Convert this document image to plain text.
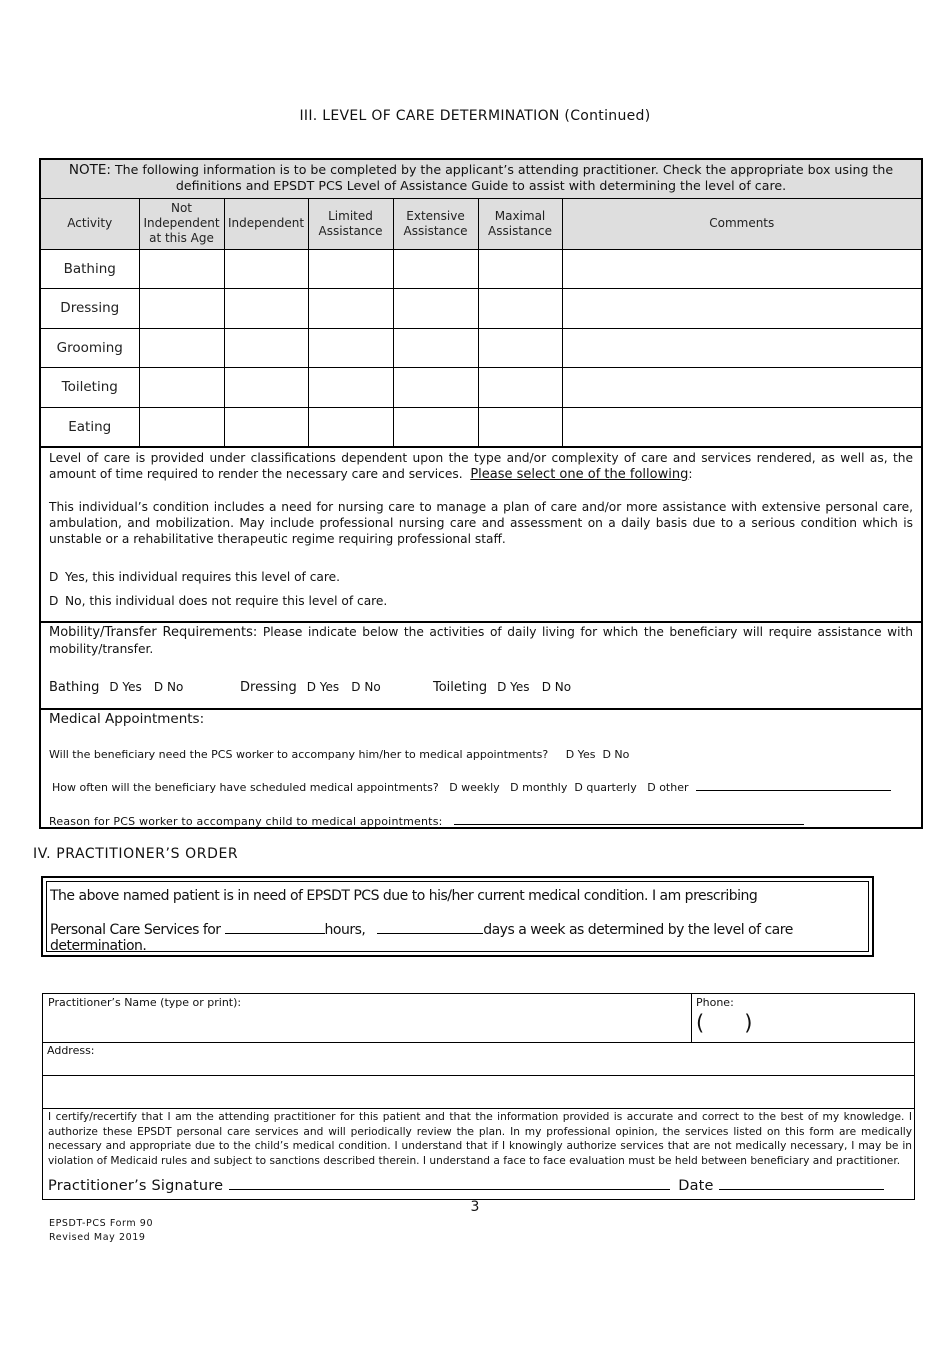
III. LEVEL OF CARE DETERMINATION (Continued)
NOTE: The following information is to be completed by the applicant’s attending practitioner. Check the appropriate box using the definitions and EPSDT PCS Level of Assistance Guide to assist with determining the level of care.
Activity	Not Independent at this Age	Independent	Limited Assistance	Extensive Assistance	Maximal Assistance	Comments
Bathing						
Dressing						
Grooming						
Toileting						
Eating						

Level of care is provided under classifications dependent upon the type and/or complexity of care and services rendered, as well as, the amount of time required to render the necessary care and services. Please select one of the following:

This individual’s condition includes a need for nursing care to manage a plan of care and/or more assistance with extensive personal care, ambulation, and mobilization. May include professional nursing care and assessment on a daily basis due to a serious condition which is unstable or a rehabilitative therapeutic regime requiring professional staff.

D Yes, this individual requires this level of care.
D No, this individual does not require this level of care.

Mobility/Transfer Requirements: Please indicate below the activities of daily living for which the beneficiary will require assistance with mobility/transfer.

Bathing D Yes D No	Dressing D Yes D No	Toileting D Yes D No
Medical Appointments:
Will the beneficiary need the PCS worker to accompany him/her to medical appointments? D Yes D No
How often will the beneficiary have scheduled medical appointments? D weekly D monthly D quarterly D other
Reason for PCS worker to accompany child to medical appointments:
IV. PRACTITIONER’S ORDER
The above named patient is in need of EPSDT PCS due to his/her current medical condition. I am prescribing
Personal Care Services for	hours,	days a week as determined by the level of care determination.
Practitioner’s Name (type or print):	Phone:
()
Address:
I certify/recertify that I am the attending practitioner for this patient and that the information provided is accurate and correct to the best of my knowledge. I authorize these EPSDT personal care services and will periodically review the plan. In my professional opinion, the services listed on this form are medically necessary and appropriate due to the child’s medical condition. I understand that if I knowingly authorize services that are not medically necessary, I may be in violation of Medicaid rules and subject to sanctions described therein. I understand a face to face evaluation must be held between beneficiary and practitioner.
Practitioner’s Signature	Date
3
EPSDT-PCS Form 90
Revised May 2019
